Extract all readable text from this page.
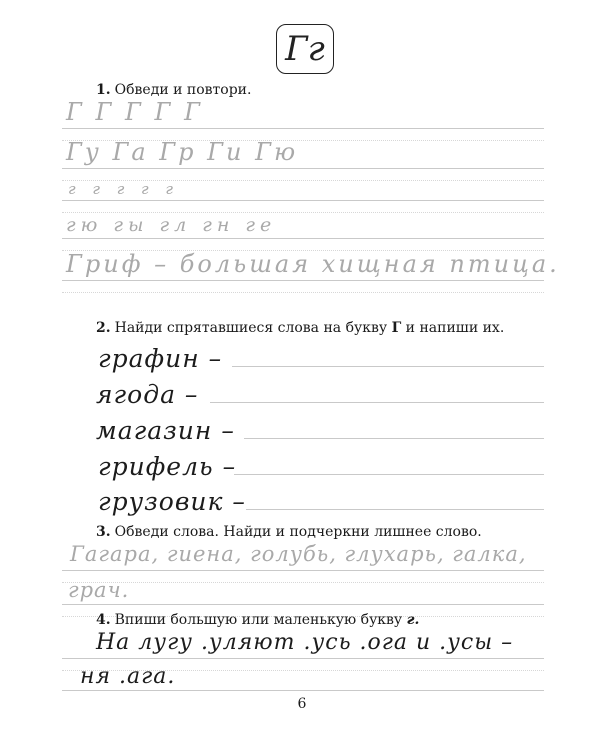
Гг
1. Обведи и повтори.
Г Г Г Г Г
Гу Га Гр Ги Гю
г г г г г
гю гы гл гн ге
Гриф – большая хищная птица.
2. Найди спрятавшиеся слова на букву Г и напиши их.
графин –
ягода –
магазин –
грифель –
грузовик –
3. Обведи слова. Найди и подчеркни лишнее слово.
Гагара, гиена, голубь, глухарь, галка,
грач.
4. Впиши большую или маленькую букву г.
На лугу .уляют .усь .ога и .усы –
ня .ага.
6
